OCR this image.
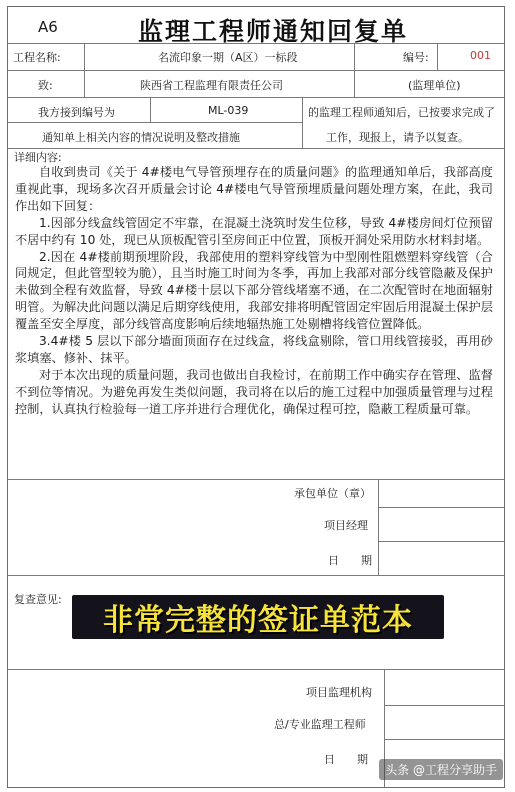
A6	监理工程师通知回复单
工程名称:	名流印象一期（A区）一标段	编号:	001
致:	陕西省工程监理有限责任公司	(监理单位)
我方接到编号为	ML-039	的监理工程师通知后，已按要求完成了
通知单上相关内容的情况说明及整改措施	工作，现报上，请予以复查。
详细内容:

自收到贵司《关于 4#楼电气导管预埋存在的质量问题》的监理通知单后，我部高度重视此事，现场多次召开质量会讨论 4#楼电气导管预埋质量问题处理方案，在此，我司作出如下回复：

1.因部分线盒线管固定不牢靠，在混凝土浇筑时发生位移，导致 4#楼房间灯位预留不居中约有 10 处，现已从顶板配管引至房间正中位置，顶板开洞处采用防水材料封堵。

2.因在 4#楼前期预埋阶段，我部使用的塑料穿线管为中型刚性阻燃塑料穿线管（合同规定，但此管型较为脆），且当时施工时间为冬季，再加上我部对部分线管隐蔽及保护未做到全程有效监督，导致 4#楼十层以下部分管线堵塞不通，在二次配管时在地面辐射明管。为解决此问题以满足后期穿线使用，我部安排将明配管固定牢固后用混凝土保护层覆盖至安全厚度，部分线管高度影响后续地辐热施工处剔槽将线管位置降低。

3.4#楼 5 层以下部分墙面顶面存在过线盒，将线盒剔除，管口用线管接驳，再用砂浆填塞、修补、抹平。

对于本次出现的质量问题，我司也做出自我检讨，在前期工作中确实存在管理、监督不到位等情况。为避免再发生类似问题，我司将在以后的施工过程中加强质量管理与过程控制，认真执行检验每一道工序并进行合理优化，确保过程可控，隐蔽工程质量可靠。

承包单位（章）
项目经理
日　　期
复查意见:
项目监理机构
总/专业监理工程师
日　　期
非常完整的签证单范本
头条 @工程分享助手
